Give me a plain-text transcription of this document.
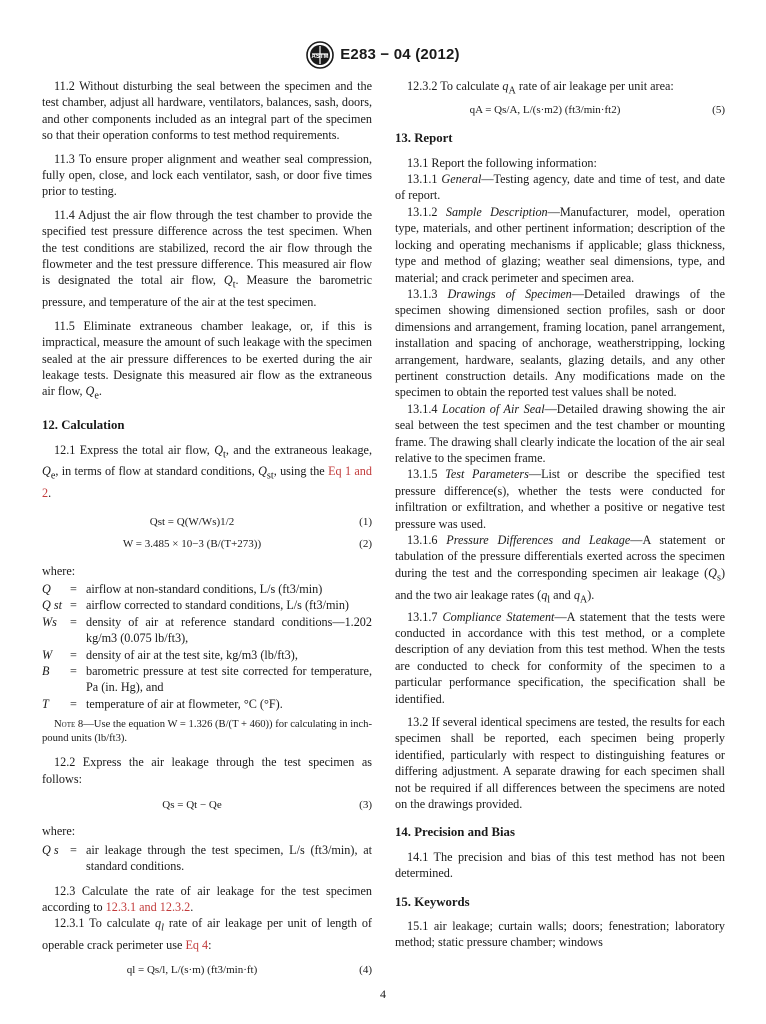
ASTM E283 − 04 (2012)

11.2 Without disturbing the seal between the specimen and the test chamber, adjust all hardware, ventilators, balances, sash, doors, and other components included as an integral part of the specimen so that their operation conforms to test method requirements.

11.3 To ensure proper alignment and weather seal compression, fully open, close, and lock each ventilator, sash, or door five times prior to testing.

11.4 Adjust the air flow through the test chamber to provide the specified test pressure difference across the test specimen. When the test conditions are stabilized, record the air flow through the flowmeter and the test pressure difference. This measured air flow is designated the total air flow, $Q_t$. Measure the barometric pressure, and temperature of the air at the test specimen.

11.5 Eliminate extraneous chamber leakage, or, if this is impractical, measure the amount of such leakage with the specimen sealed at the air pressure differences to be exerted during the air leakage tests. Designate this measured air flow as the extraneous air flow, $Q_e$.

12. Calculation

12.1 Express the total air flow, $Q_t$, and the extraneous leakage, $Q_e$, in terms of flow at standard conditions, $Q_{st}$, using the Eq 1 and 2.

Qst = Q(W/Ws)1/2	(1)
W = 3.485 × 10−3 (B/(T+273))	(2)

where:

Q	= airflow at non-standard conditions, L/s (ft3/min)
Q st = airflow corrected to standard conditions, L/s (ft3/min)
Ws	= density of air at reference standard conditions—1.202 kg/m3 (0.075 lb/ft3),
W	= density of air at the test site, kg/m3 (lb/ft3),
B	= barometric pressure at test site corrected for temperature, Pa (in. Hg), and
T	= temperature of air at flowmeter, °C (°F).

Note 8—Use the equation W = 1.326 (B/(T + 460)) for calculating in inch-pound units (lb/ft3).

12.2 Express the air leakage through the test specimen as follows:

Qs = Qt − Qe	(3)

where:

Q s = air leakage through the test specimen, L/s (ft3/min), at standard conditions.

12.3 Calculate the rate of air leakage for the test specimen according to 12.3.1 and 12.3.2.

12.3.1 To calculate $q_l$ rate of air leakage per unit of length of operable crack perimeter use Eq 4:

ql = Qs/l, L/(s·m) (ft3/min·ft)	(4)

12.3.2 To calculate $q_A$ rate of air leakage per unit area:

qA = Qs/A, L/(s·m2) (ft3/min·ft2)	(5)
13. Report

13.1 Report the following information:

13.1.1 General—Testing agency, date and time of test, and date of report.

13.1.2 Sample Description—Manufacturer, model, operation type, materials, and other pertinent information; description of the locking and operating mechanisms if applicable; glass thickness, type and method of glazing; weather seal dimensions, type, and material; and crack perimeter and specimen area.

13.1.3 Drawings of Specimen—Detailed drawings of the specimen showing dimensioned section profiles, sash or door dimensions and arrangement, framing location, panel arrangement, installation and spacing of anchorage, weatherstripping, locking arrangement, hardware, sealants, glazing details, and any other pertinent construction details. Any modifications made on the specimen to obtain the reported test values shall be noted.

13.1.4 Location of Air Seal—Detailed drawing showing the air seal between the test specimen and the test chamber or mounting frame. The drawing shall clearly indicate the location of the air seal relative to the specimen frame.

13.1.5 Test Parameters—List or describe the specified test pressure difference(s), whether the tests were conducted for infiltration or exfiltration, and whether a positive or negative test pressure was used.

13.1.6 Pressure Differences and Leakage—A statement or tabulation of the pressure differentials exerted across the specimen during the test and the corresponding specimen air leakage $(Q_s)$ and the two air leakage rates ($q_l$ and $q_A$).

13.1.7 Compliance Statement—A statement that the tests were conducted in accordance with this test method, or a complete description of any deviation from this test method. When the tests are conducted to check for conformity of the specimen to a particular performance specification, the specification shall be identified.

13.2 If several identical specimens are tested, the results for each specimen shall be reported, each specimen being properly identified, particularly with respect to distinguishing features or differing adjustment. A separate drawing for each specimen shall not be required if all differences between the specimens are noted on the drawings provided.

14. Precision and Bias

14.1 The precision and bias of this test method has not been determined.

15. Keywords

15.1 air leakage; curtain walls; doors; fenestration; laboratory method; static pressure chamber; windows

4
